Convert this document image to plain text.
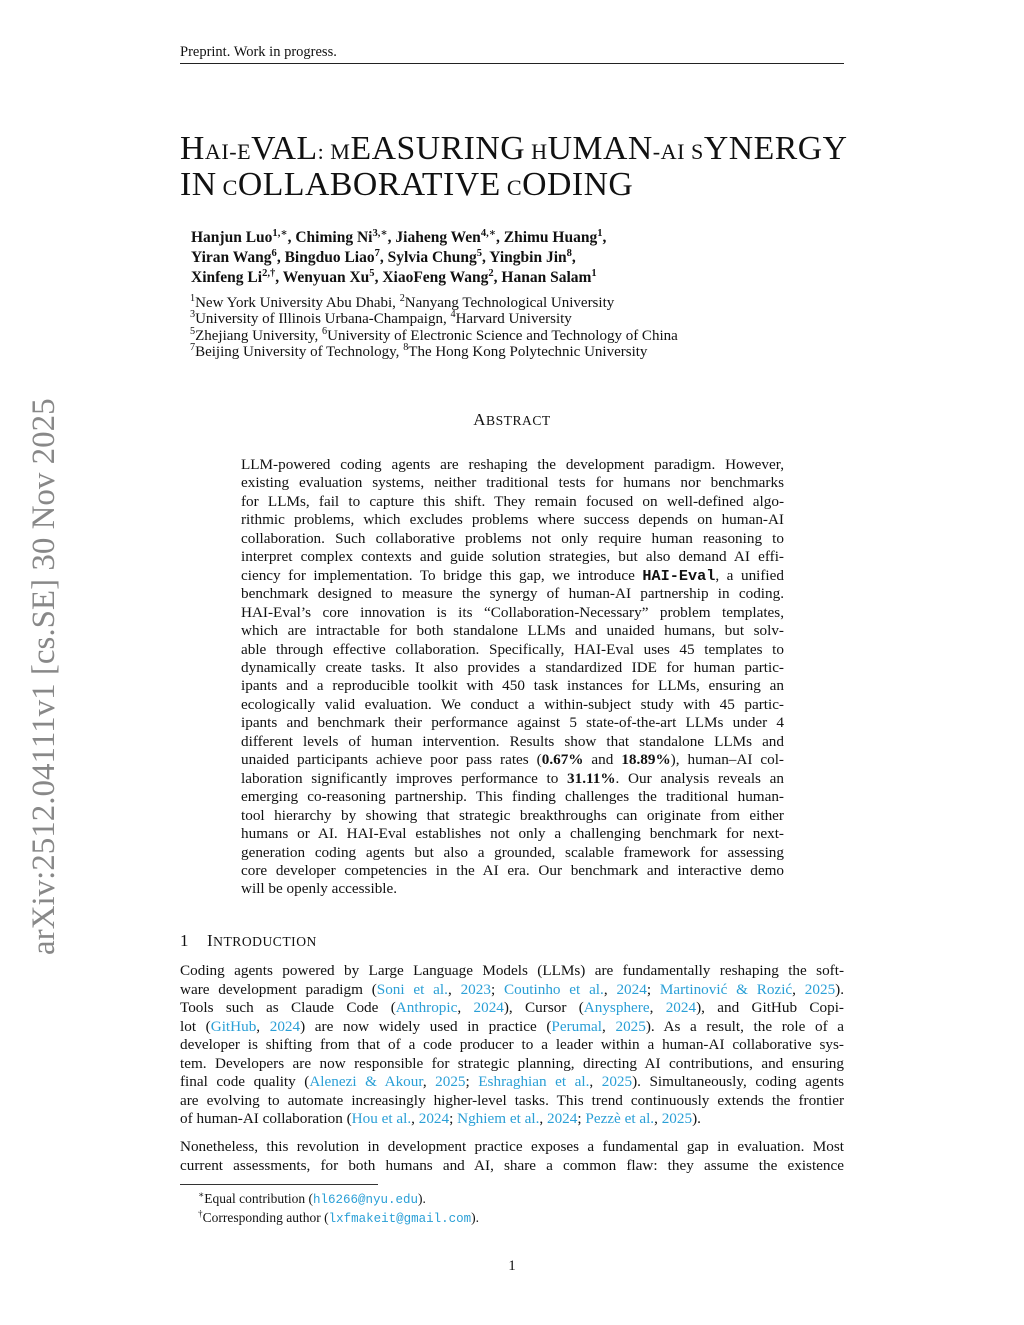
Preprint. Work in progress.
arXiv:2512.04111v1 [cs.SE] 30 Nov 2025
HAI-EVAL: MEASURING HUMAN-AI SYNERGY
IN COLLABORATIVE CODING
Hanjun Luo$^{1,∗}$, Chiming $Ni^{3,∗}$, Jiaheng Wen$^{4,∗}$, Zhimu Huang$^1$,
Yiran Wang$^6$, Bingduo Liao$^7$, Sylvia Chung$^5$, Yingbin Jin$^8$,
Xinfeng $Li^{2,\dagger}$, Wenyuan Xu$^5$, XiaoFeng Wang$^2$, Hanan Salam$^1$
$^1$New York University Abu Dhabi, $^2$Nanyang Technological University
$^3$University of Illinois Urbana-Champaign, $^4$Harvard University
$^5$Zhejiang University, $^6$University of Electronic Science and Technology of China
$^7$Beijing University of Technology, $^8$The Hong Kong Polytechnic University
ABSTRACT
LLM-powered coding agents are reshaping the development paradigm. However,
existing evaluation systems, neither traditional tests for humans nor benchmarks
for LLMs, fail to capture this shift. They remain focused on well-defined algo-
rithmic problems, which excludes problems where success depends on human-AI
collaboration. Such collaborative problems not only require human reasoning to
interpret complex contexts and guide solution strategies, but also demand AI effi-
ciency for implementation. To bridge this gap, we introduce HAI-Eval, a unified
benchmark designed to measure the synergy of human-AI partnership in coding.
HAI-Eval’s core innovation is its “Collaboration-Necessary” problem templates,
which are intractable for both standalone LLMs and unaided humans, but solv-
able through effective collaboration. Specifically, HAI-Eval uses 45 templates to
dynamically create tasks. It also provides a standardized IDE for human partic-
ipants and a reproducible toolkit with 450 task instances for LLMs, ensuring an
ecologically valid evaluation. We conduct a within-subject study with 45 partic-
ipants and benchmark their performance against 5 state-of-the-art LLMs under 4
different levels of human intervention. Results show that standalone LLMs and
unaided participants achieve poor pass rates (0.67% and 18.89%), human–AI col-
laboration significantly improves performance to 31.11%. Our analysis reveals an
emerging co-reasoning partnership. This finding challenges the traditional human-
tool hierarchy by showing that strategic breakthroughs can originate from either
humans or AI. HAI-Eval establishes not only a challenging benchmark for next-
generation coding agents but also a grounded, scalable framework for assessing
core developer competencies in the AI era. Our benchmark and interactive demo
will be openly accessible.
1 INTRODUCTION
Coding agents powered by Large Language Models (LLMs) are fundamentally reshaping the soft-
ware development paradigm (Soni et al., 2023; Coutinho et al., 2024; Martinović & Rozić, 2025).
Tools such as Claude Code (Anthropic, 2024), Cursor (Anysphere, 2024), and GitHub Copi-
lot (GitHub, 2024) are now widely used in practice (Perumal, 2025). As a result, the role of a
developer is shifting from that of a code producer to a leader within a human-AI collaborative sys-
tem. Developers are now responsible for strategic planning, directing AI contributions, and ensuring
final code quality (Alenezi & Akour, 2025; Eshraghian et al., 2025). Simultaneously, coding agents
are evolving to automate increasingly higher-level tasks. This trend continuously extends the frontier
of human-AI collaboration (Hou et al., 2024; Nghiem et al., 2024; Pezzè et al., 2025).
Nonetheless, this revolution in development practice exposes a fundamental gap in evaluation. Most
current assessments, for both humans and AI, share a common flaw: they assume the existence
∗Equal contribution (hl6266@nyu.edu).
†Corresponding author (lxfmakeit@gmail.com).
1
